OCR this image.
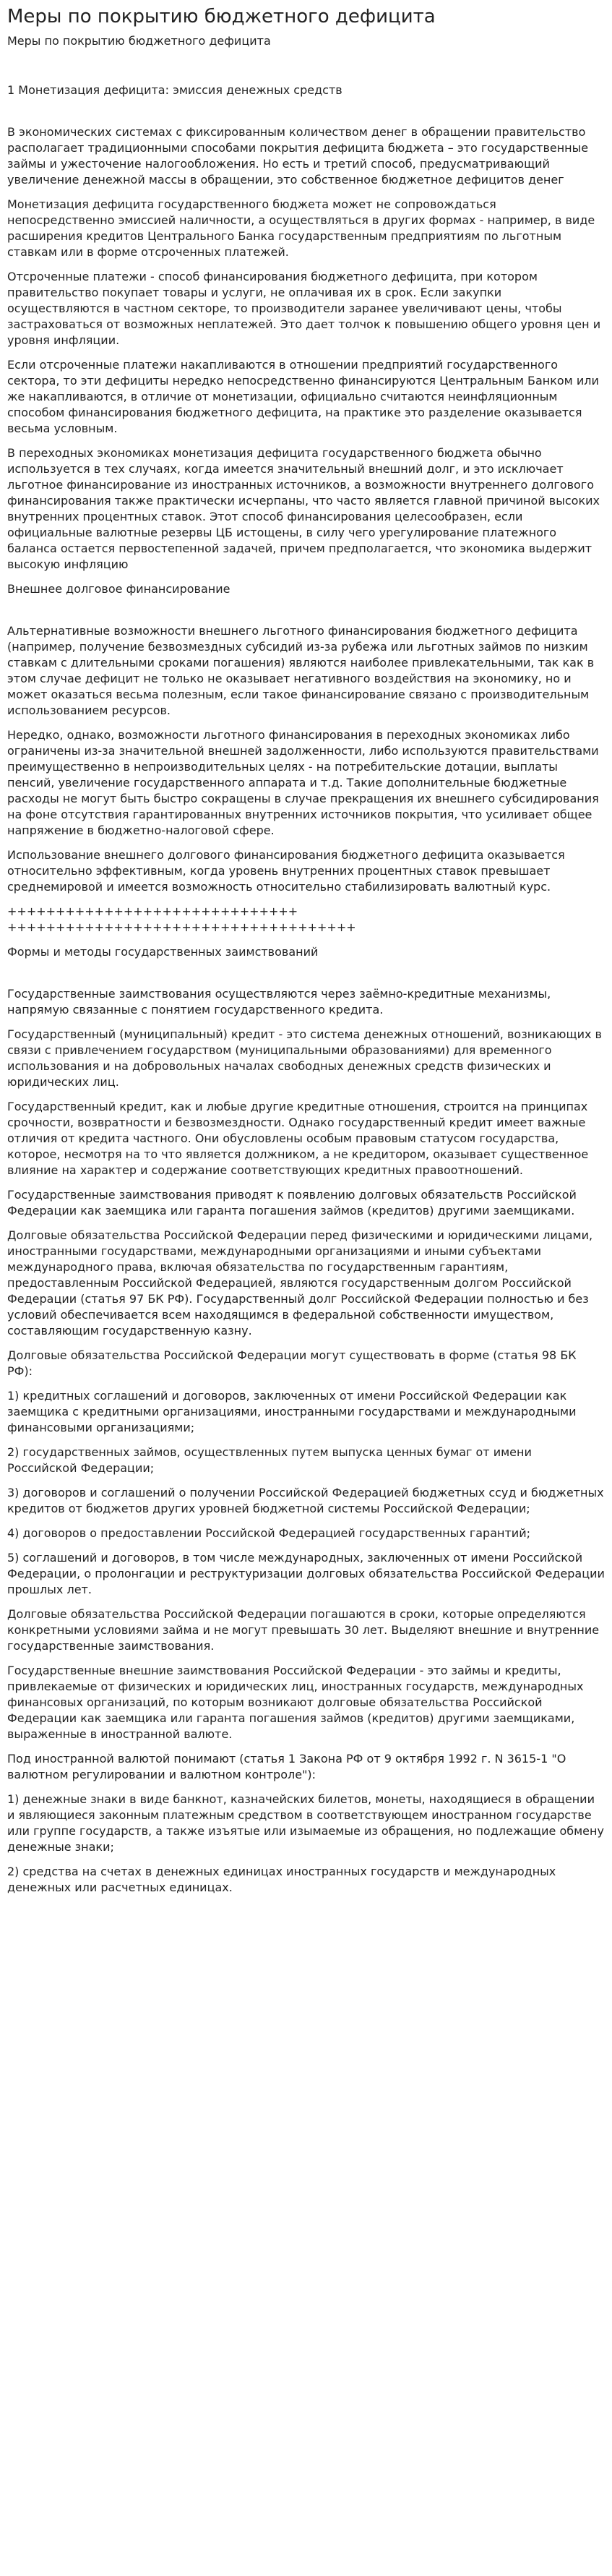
Меры по покрытию бюджетного дефицита
Меры по покрытию бюджетного дефицита

1 Монетизация дефицита: эмиссия денежных средств

В экономических системах с фиксированным количеством денег в обращении правительство располагает традиционными способами покрытия дефицита бюджета – это государственные займы и ужесточение налогообложения. Но есть и третий способ, предусматривающий увеличение денежной массы в обращении, это собственное бюджетное дефицитов денег

Монетизация дефицита государственного бюджета может не сопровождаться непосредственно эмиссией наличности, а осуществляться в других формах - например, в виде расширения кредитов Центрального Банка государственным предприятиям по льготным ставкам или в форме отсроченных платежей.

Отсроченные платежи - способ финансирования бюджетного дефицита, при котором правительство покупает товары и услуги, не оплачивая их в срок. Если закупки осуществляются в частном секторе, то производители заранее увеличивают цены, чтобы застраховаться от возможных неплатежей. Это дает толчок к повышению общего уровня цен и уровня инфляции.

Если отсроченные платежи накапливаются в отношении предприятий государственного сектора, то эти дефициты нередко непосредственно финансируются Центральным Банком или же накапливаются, в отличие от монетизации, официально считаются неинфляционным способом финансирования бюджетного дефицита, на практике это разделение оказывается весьма условным.

В переходных экономиках монетизация дефицита государственного бюджета обычно используется в тех случаях, когда имеется значительный внешний долг, и это исключает льготное финансирование из иностранных источников, а возможности внутреннего долгового финансирования также практически исчерпаны, что часто является главной причиной высоких внутренних процентных ставок. Этот способ финансирования целесообразен, если официальные валютные резервы ЦБ истощены, в силу чего урегулирование платежного баланса остается первостепенной задачей, причем предполагается, что экономика выдержит высокую инфляцию

Внешнее долговое финансирование

Альтернативные возможности внешнего льготного финансирования бюджетного дефицита (например, получение безвозмездных субсидий из-за рубежа или льготных займов по низким ставкам с длительными сроками погашения) являются наиболее привлекательными, так как в этом случае дефицит не только не оказывает негативного воздействия на экономику, но и может оказаться весьма полезным, если такое финансирование связано с производительным использованием ресурсов.

Нередко, однако, возможности льготного финансирования в переходных экономиках либо ограничены из-за значительной внешней задолженности, либо используются правительствами преимущественно в непроизводительных целях - на потребительские дотации, выплаты пенсий, увеличение государственного аппарата и т.д. Такие дополнительные бюджетные расходы не могут быть быстро сокращены в случае прекращения их внешнего субсидирования на фоне отсутствия гарантированных внутренних источников покрытия, что усиливает общее напряжение в бюджетно-налоговой сфере.

Использование внешнего долгового финансирования бюджетного дефицита оказывается относительно эффективным, когда уровень внутренних процентных ставок превышает среднемировой и имеется возможность относительно стабилизировать валютный курс.

++++++++++++++++++++++++++++++ ++++++++++++++++++++++++++++++++++++

Формы и методы государственных заимствований

Государственные заимствования осуществляются через заёмно-кредитные механизмы, напрямую связанные с понятием государственного кредита.

Государственный (муниципальный) кредит - это система денежных отношений, возникающих в связи с привлечением государством (муниципальными образованиями) для временного использования и на добровольных началах свободных денежных средств физических и юридических лиц.

Государственный кредит, как и любые другие кредитные отношения, строится на принципах срочности, возвратности и безвозмездности. Однако государственный кредит имеет важные отличия от кредита частного. Они обусловлены особым правовым статусом государства, которое, несмотря на то что является должником, а не кредитором, оказывает существенное влияние на характер и содержание соответствующих кредитных правоотношений.

Государственные заимствования приводят к появлению долговых обязательств Российской Федерации как заемщика или гаранта погашения займов (кредитов) другими заемщиками.

Долговые обязательства Российской Федерации перед физическими и юридическими лицами, иностранными государствами, международными организациями и иными субъектами международного права, включая обязательства по государственным гарантиям, предоставленным Российской Федерацией, являются государственным долгом Российской Федерации (статья 97 БК РФ). Государственный долг Российской Федерации полностью и без условий обеспечивается всем находящимся в федеральной собственности имуществом, составляющим государственную казну.

Долговые обязательства Российской Федерации могут существовать в форме (статья 98 БК РФ):

1) кредитных соглашений и договоров, заключенных от имени Российской Федерации как заемщика с кредитными организациями, иностранными государствами и международными финансовыми организациями;

2) государственных займов, осуществленных путем выпуска ценных бумаг от имени Российской Федерации;

3) договоров и соглашений о получении Российской Федерацией бюджетных ссуд и бюджетных кредитов от бюджетов других уровней бюджетной системы Российской Федерации;

4) договоров о предоставлении Российской Федерацией государственных гарантий;

5) соглашений и договоров, в том числе международных, заключенных от имени Российской Федерации, о пролонгации и реструктуризации долговых обязательства Российской Федерации прошлых лет.

Долговые обязательства Российской Федерации погашаются в сроки, которые определяются конкретными условиями займа и не могут превышать 30 лет. Выделяют внешние и внутренние государственные заимствования.

Государственные внешние заимствования Российской Федерации - это займы и кредиты, привлекаемые от физических и юридических лиц, иностранных государств, международных финансовых организаций, по которым возникают долговые обязательства Российской Федерации как заемщика или гаранта погашения займов (кредитов) другими заемщиками, выраженные в иностранной валюте.

Под иностранной валютой понимают (статья 1 Закона РФ от 9 октября 1992 г. N 3615-1 "О валютном регулировании и валютном контроле"):

1) денежные знаки в виде банкнот, казначейских билетов, монеты, находящиеся в обращении и являющиеся законным платежным средством в соответствующем иностранном государстве или группе государств, а также изъятые или изымаемые из обращения, но подлежащие обмену денежные знаки;

2) средства на счетах в денежных единицах иностранных государств и международных денежных или расчетных единицах.
